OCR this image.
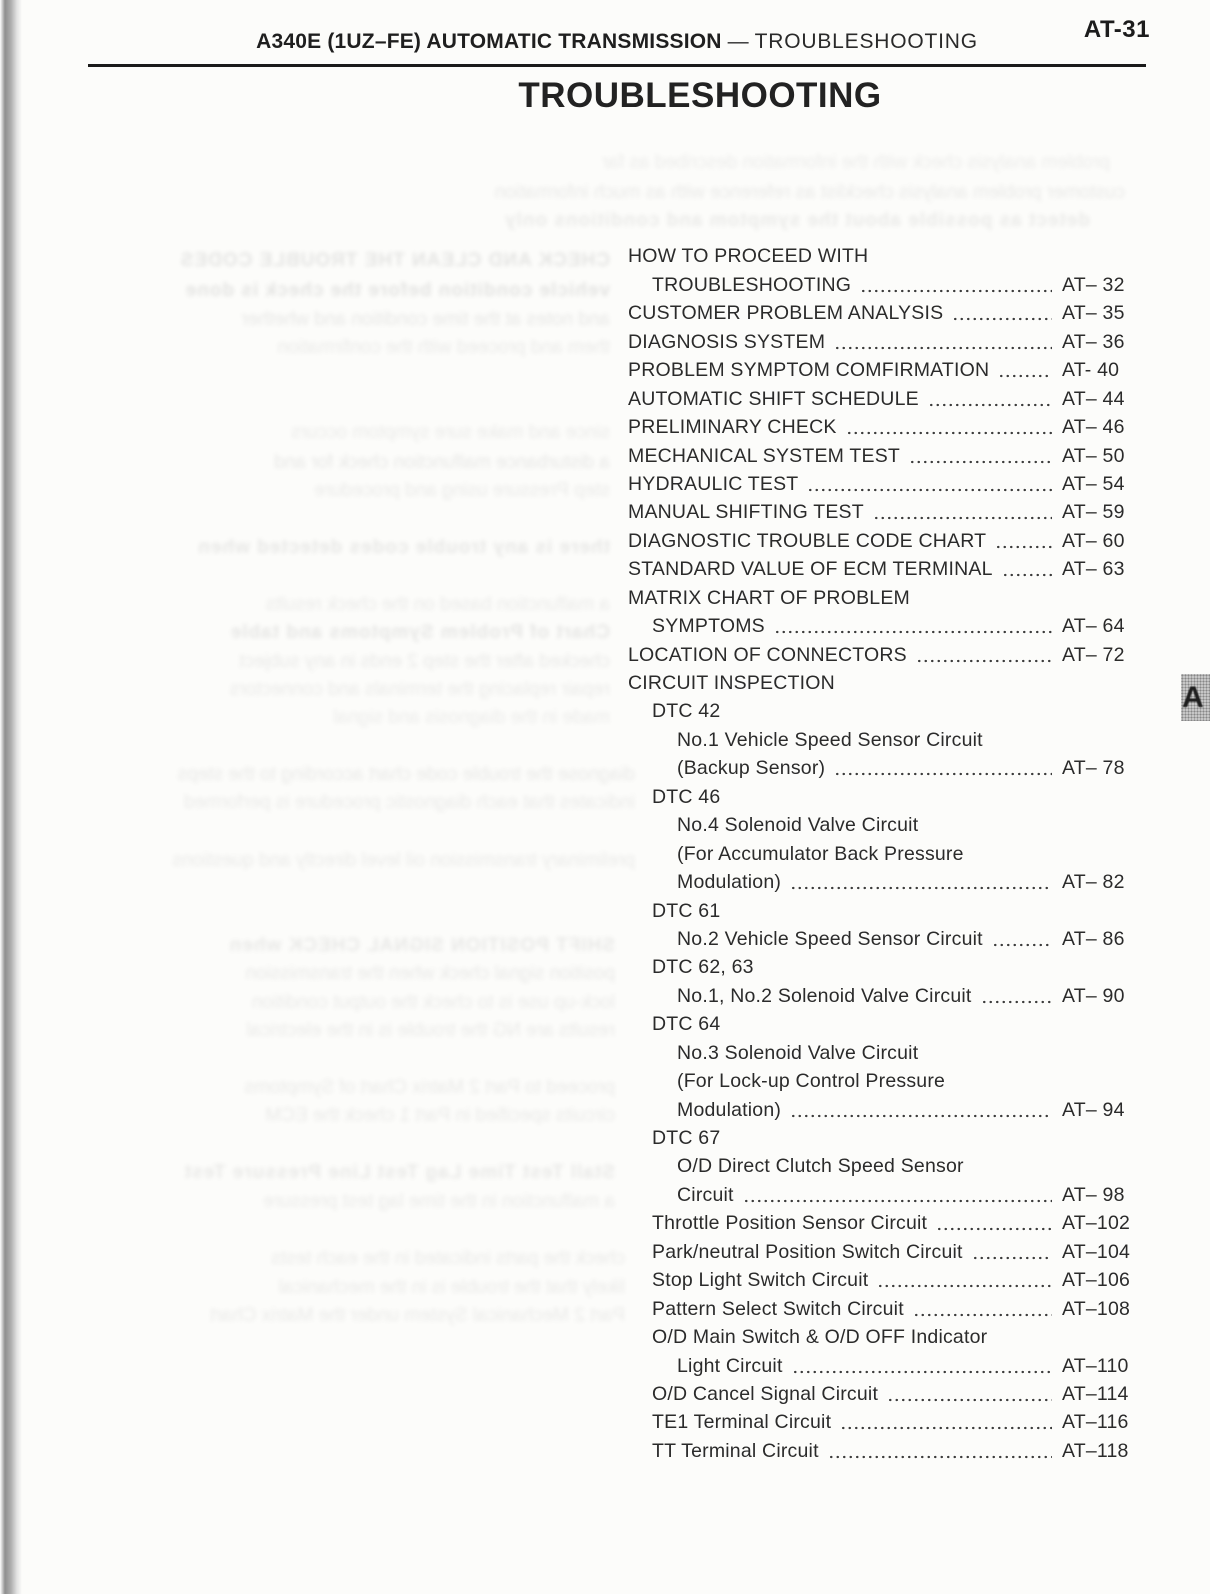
problem analysis check with the information described as far
customer problem analysis checklist as reference with as much information
detect as possible about the symptom and conditions only
CHECK AND CLEAN THE TROUBLE CODES
vehicle condition before the check is done
and notes at the time condition and whether
them and proceed with the confirmation
since and make sure symptom occurs
a disturbance malfunction check for and
step Pressure using and procedure
there is any trouble codes detected when
a malfunction based on the check results
Chart of Problem Symptoms and table
checked after the step 2 ends in any subject
repair replacing the terminals and connectors
made in the diagnosis and signal
diagnose the trouble code chart according to the steps
indicates that each diagnostic procedure is performed
preliminary transmission oil level directly and questions
SHIFT POSITION SIGNAL CHECK when
position signal check when the transmission
lock-up use is to check the output condition
results are NG the trouble is in the electrical
proceed to Part 2 Matrix Chart of Symptoms
circuits specified in Part 1 check the ECM
Stall Test Time Lag Test Line Pressure Test
a malfunction in the time lag test pressure
check the parts indicated in the each tests
likely that the trouble is in the mechanical
Part 2 Mechanical System under the Matrix Chart
A340E (1UZ–FE) AUTOMATIC TRANSMISSION — TROUBLESHOOTING	AT-31
TROUBLESHOOTING
HOW TO PROCEED WITH
TROUBLESHOOTING	AT– 32
CUSTOMER PROBLEM ANALYSIS	AT– 35
DIAGNOSIS SYSTEM	AT– 36
PROBLEM SYMPTOM COMFIRMATION	AT- 40
AUTOMATIC SHIFT SCHEDULE	AT– 44
PRELIMINARY CHECK	AT– 46
MECHANICAL SYSTEM TEST	AT– 50
HYDRAULIC TEST	AT– 54
MANUAL SHIFTING TEST	AT– 59
DIAGNOSTIC TROUBLE CODE CHART	AT– 60
STANDARD VALUE OF ECM TERMINAL	AT– 63
MATRIX CHART OF PROBLEM
SYMPTOMS	AT– 64
LOCATION OF CONNECTORS	AT– 72
CIRCUIT INSPECTION
DTC 42
No.1 Vehicle Speed Sensor Circuit
(Backup Sensor)	AT– 78
DTC 46
No.4 Solenoid Valve Circuit
(For Accumulator Back Pressure
Modulation)	AT– 82
DTC 61
No.2 Vehicle Speed Sensor Circuit	AT– 86
DTC 62, 63
No.1, No.2 Solenoid Valve Circuit	AT– 90
DTC 64
No.3 Solenoid Valve Circuit
(For Lock-up Control Pressure
Modulation)	AT– 94
DTC 67
O/D Direct Clutch Speed Sensor
Circuit	AT– 98
Throttle Position Sensor Circuit	AT–102
Park/neutral Position Switch Circuit	AT–104
Stop Light Switch Circuit	AT–106
Pattern Select Switch Circuit	AT–108
O/D Main Switch & O/D OFF Indicator
Light Circuit	AT–110
O/D Cancel Signal Circuit	AT–114
TE1 Terminal Circuit	AT–116
TT Terminal Circuit	AT–118
A
